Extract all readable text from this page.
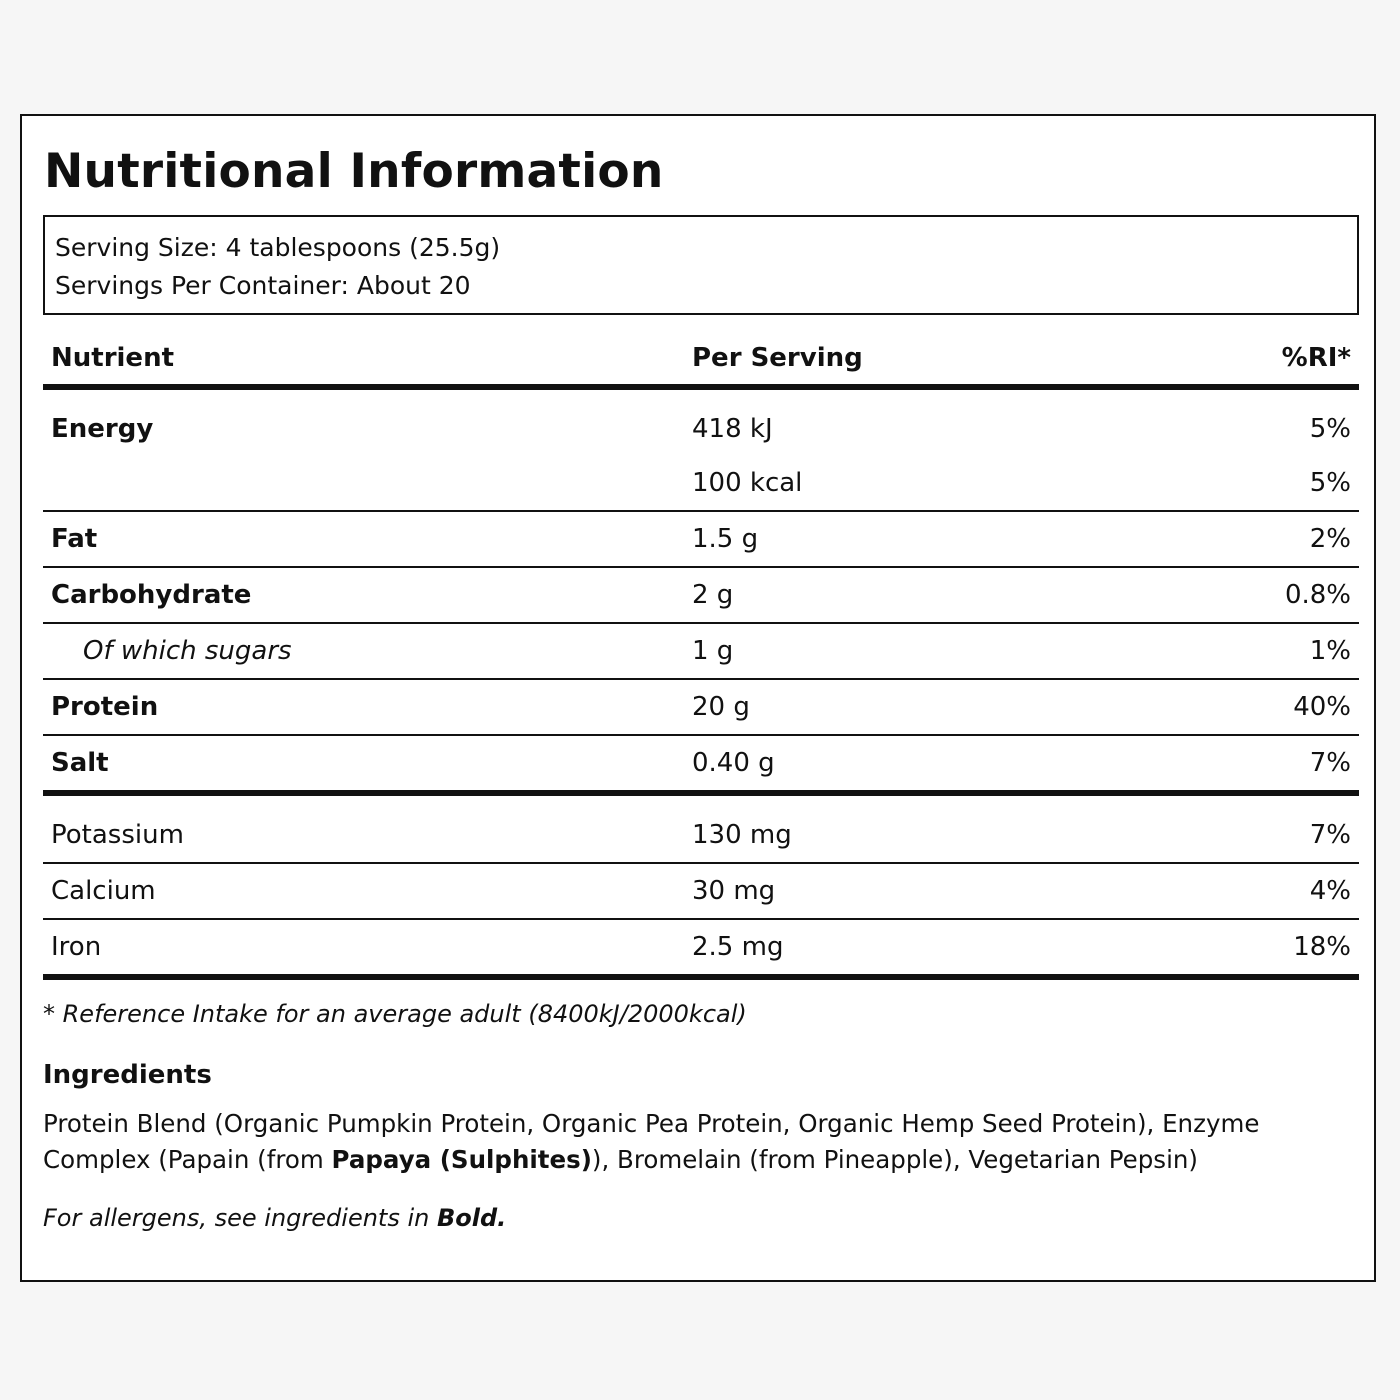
Nutritional Information
Serving Size: 4 tablespoons (25.5g)
Servings Per Container: About 20
Nutrient	Per Serving	%RI*
Energy	418 kJ	5%
100 kcal	5%
Fat	1.5 g	2%
Carbohydrate	2 g	0.8%
Of which sugars	1 g	1%
Protein	20 g	40%
Salt	0.40 g	7%
Potassium	130 mg	7%
Calcium	30 mg	4%
Iron	2.5 mg	18%
* Reference Intake for an average adult (8400kJ/2000kcal)
Ingredients
Protein Blend (Organic Pumpkin Protein, Organic Pea Protein, Organic Hemp Seed Protein), Enzyme Complex (Papain (from Papaya (Sulphites)), Bromelain (from Pineapple), Vegetarian Pepsin)
For allergens, see ingredients in Bold.
